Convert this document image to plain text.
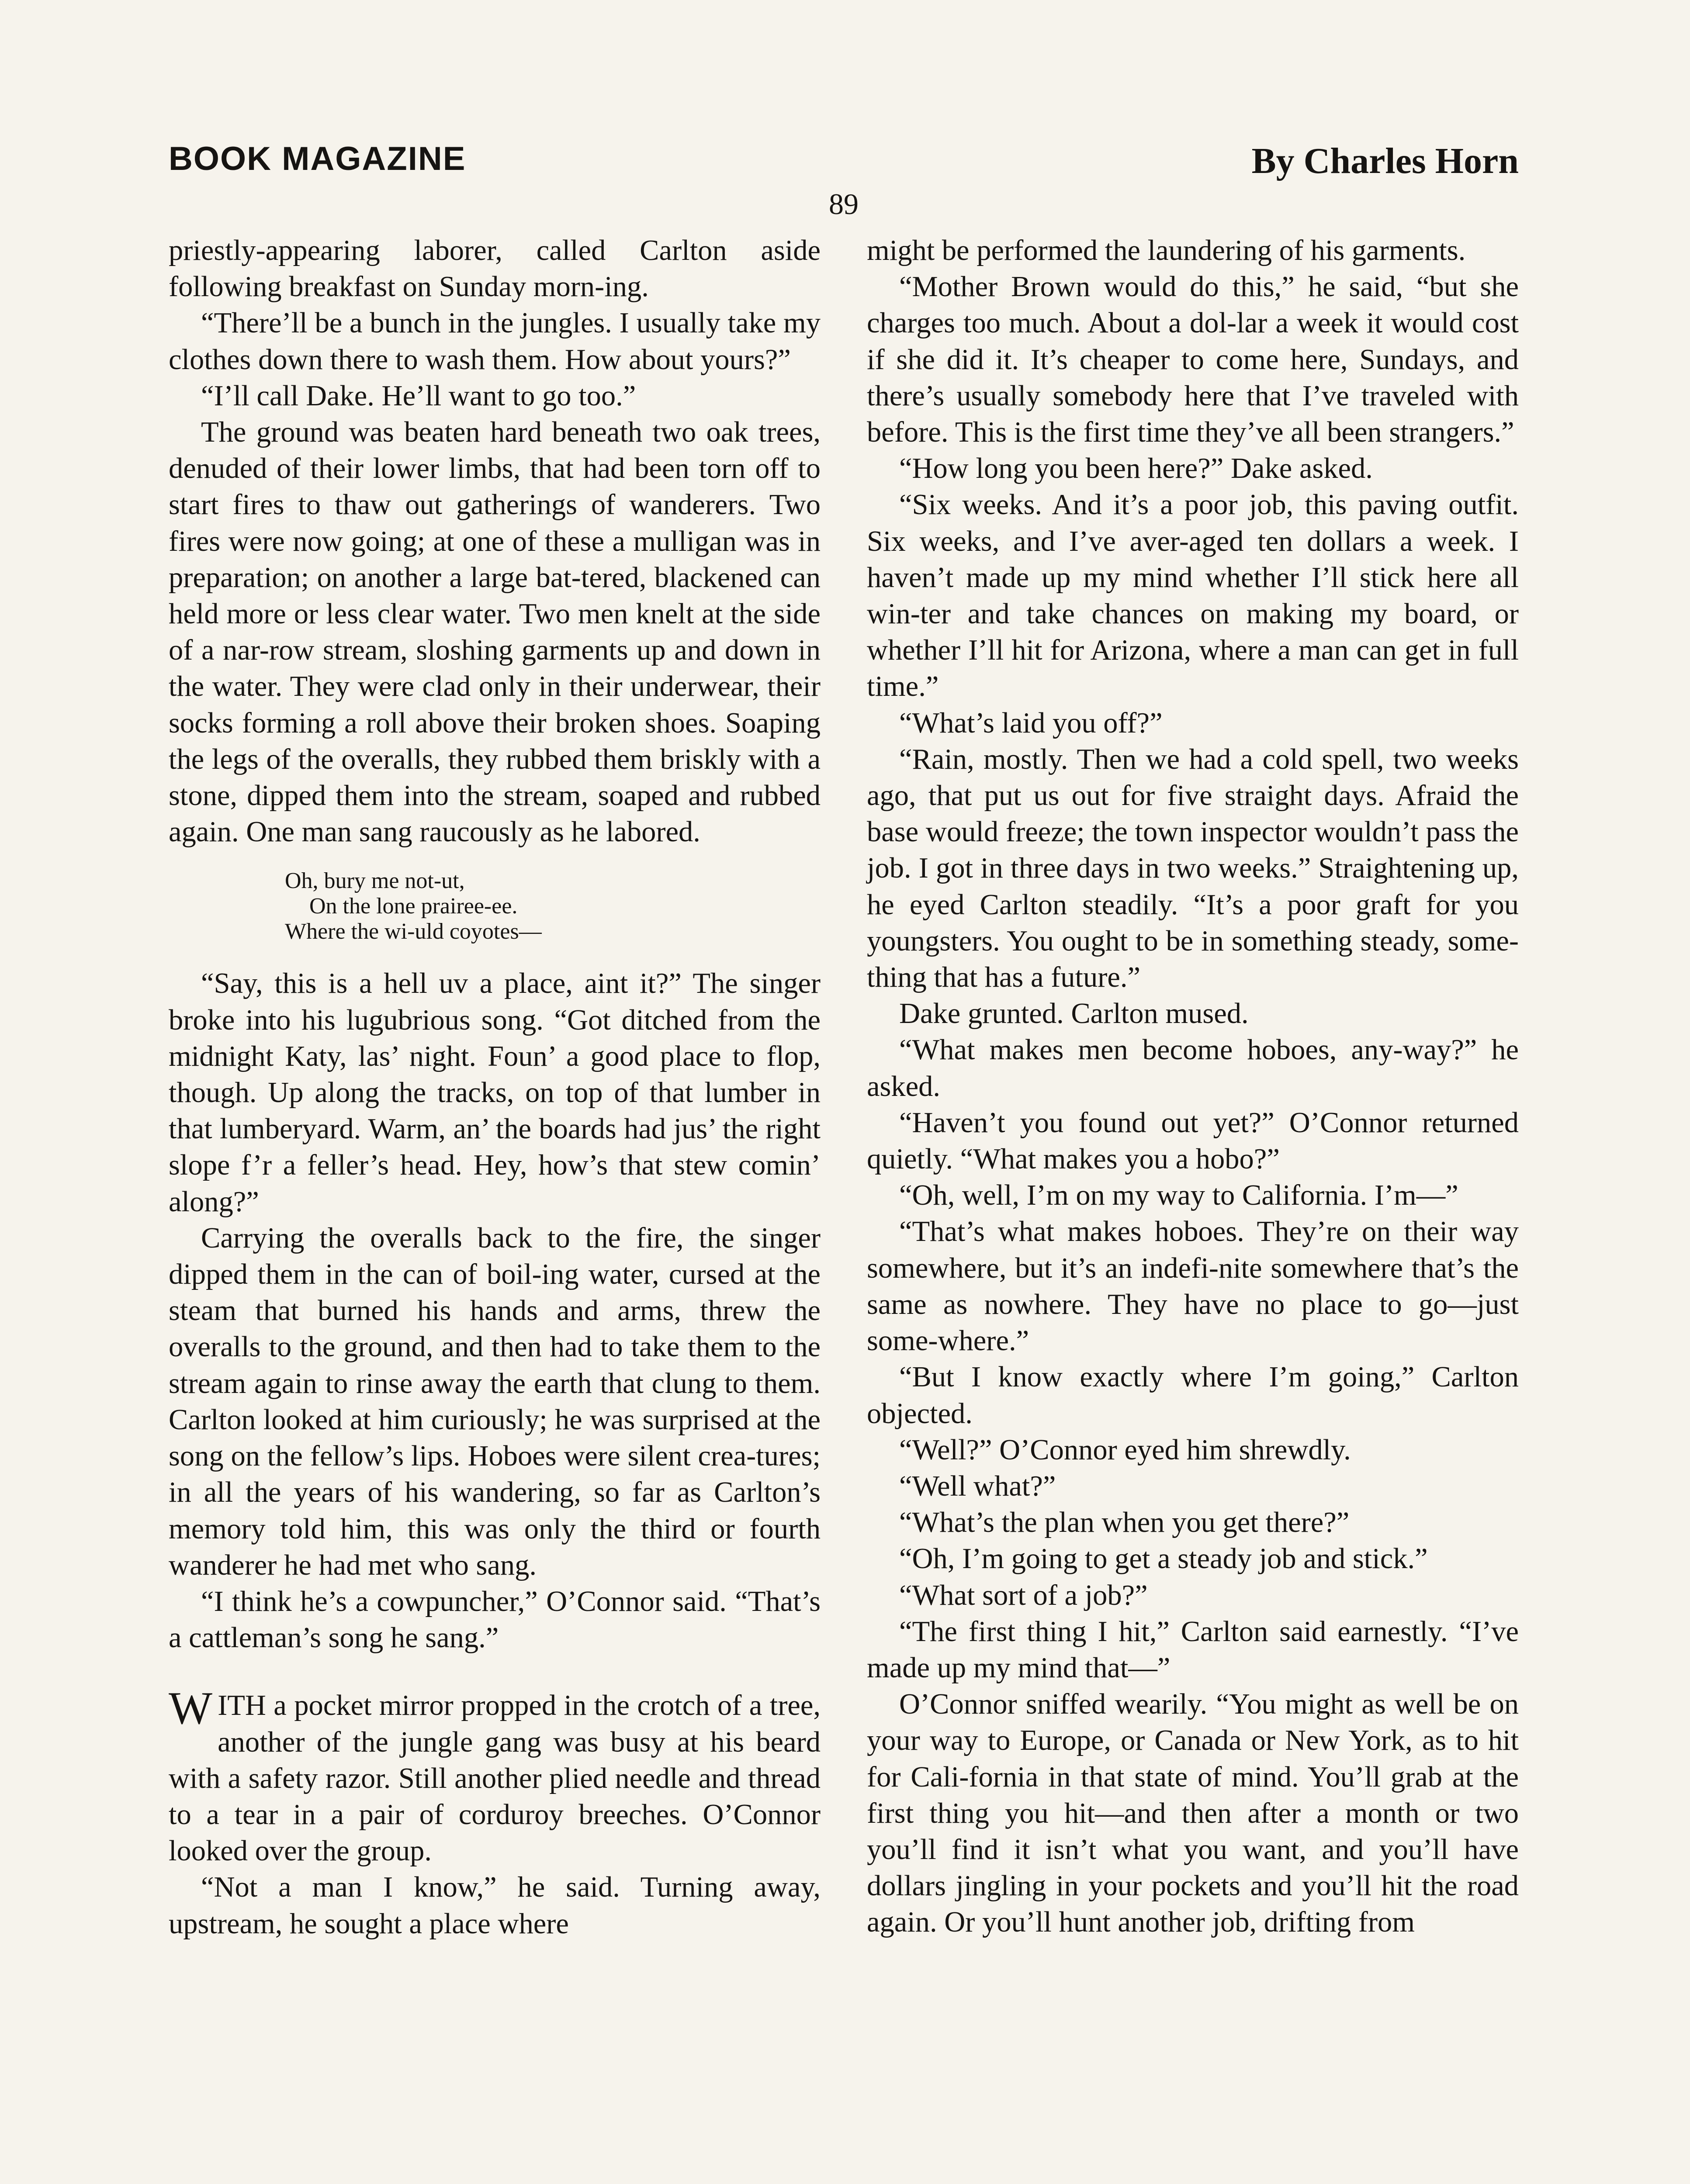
BOOK MAGAZINE	By Charles Horn
89

priestly-appearing laborer, called Carlton aside following breakfast on Sunday morn-ing.

“There’ll be a bunch in the jungles. I usually take my clothes down there to wash them. How about yours?”

“I’ll call Dake. He’ll want to go too.”

The ground was beaten hard beneath two oak trees, denuded of their lower limbs, that had been torn off to start fires to thaw out gatherings of wanderers. Two fires were now going; at one of these a mulligan was in preparation; on another a large bat-tered, blackened can held more or less clear water. Two men knelt at the side of a nar-row stream, sloshing garments up and down in the water. They were clad only in their underwear, their socks forming a roll above their broken shoes. Soaping the legs of the overalls, they rubbed them briskly with a stone, dipped them into the stream, soaped and rubbed again. One man sang raucously as he labored.

Oh, bury me not-ut,
On the lone prairee-ee.
Where the wi-uld coyotes—

“Say, this is a hell uv a place, aint it?” The singer broke into his lugubrious song. “Got ditched from the midnight Katy, las’ night. Foun’ a good place to flop, though. Up along the tracks, on top of that lumber in that lumberyard. Warm, an’ the boards had jus’ the right slope f’r a feller’s head. Hey, how’s that stew comin’ along?”

Carrying the overalls back to the fire, the singer dipped them in the can of boil-ing water, cursed at the steam that burned his hands and arms, threw the overalls to the ground, and then had to take them to the stream again to rinse away the earth that clung to them. Carlton looked at him curiously; he was surprised at the song on the fellow’s lips. Hoboes were silent crea-tures; in all the years of his wandering, so far as Carlton’s memory told him, this was only the third or fourth wanderer he had met who sang.

“I think he’s a cowpuncher,” O’Connor said. “That’s a cattleman’s song he sang.”

WITH a pocket mirror propped in the crotch of a tree, another of the jungle gang was busy at his beard with a safety razor. Still another plied needle and thread to a tear in a pair of corduroy breeches. O’Connor looked over the group.

“Not a man I know,” he said. Turning away, upstream, he sought a place where

might be performed the laundering of his garments.

“Mother Brown would do this,” he said, “but she charges too much. About a dol-lar a week it would cost if she did it. It’s cheaper to come here, Sundays, and there’s usually somebody here that I’ve traveled with before. This is the first time they’ve all been strangers.”

“How long you been here?” Dake asked.

“Six weeks. And it’s a poor job, this paving outfit. Six weeks, and I’ve aver-aged ten dollars a week. I haven’t made up my mind whether I’ll stick here all win-ter and take chances on making my board, or whether I’ll hit for Arizona, where a man can get in full time.”

“What’s laid you off?”

“Rain, mostly. Then we had a cold spell, two weeks ago, that put us out for five straight days. Afraid the base would freeze; the town inspector wouldn’t pass the job. I got in three days in two weeks.” Straightening up, he eyed Carlton steadily. “It’s a poor graft for you youngsters. You ought to be in something steady, some-thing that has a future.”

Dake grunted. Carlton mused.

“What makes men become hoboes, any-way?” he asked.

“Haven’t you found out yet?” O’Connor returned quietly. “What makes you a hobo?”

“Oh, well, I’m on my way to California. I’m—”

“That’s what makes hoboes. They’re on their way somewhere, but it’s an indefi-nite somewhere that’s the same as nowhere. They have no place to go—just some-where.”

“But I know exactly where I’m going,” Carlton objected.

“Well?” O’Connor eyed him shrewdly.

“Well what?”

“What’s the plan when you get there?”

“Oh, I’m going to get a steady job and stick.”

“What sort of a job?”

“The first thing I hit,” Carlton said earnestly. “I’ve made up my mind that—”

O’Connor sniffed wearily. “You might as well be on your way to Europe, or Canada or New York, as to hit for Cali-fornia in that state of mind. You’ll grab at the first thing you hit—and then after a month or two you’ll find it isn’t what you want, and you’ll have dollars jingling in your pockets and you’ll hit the road again. Or you’ll hunt another job, drifting from
